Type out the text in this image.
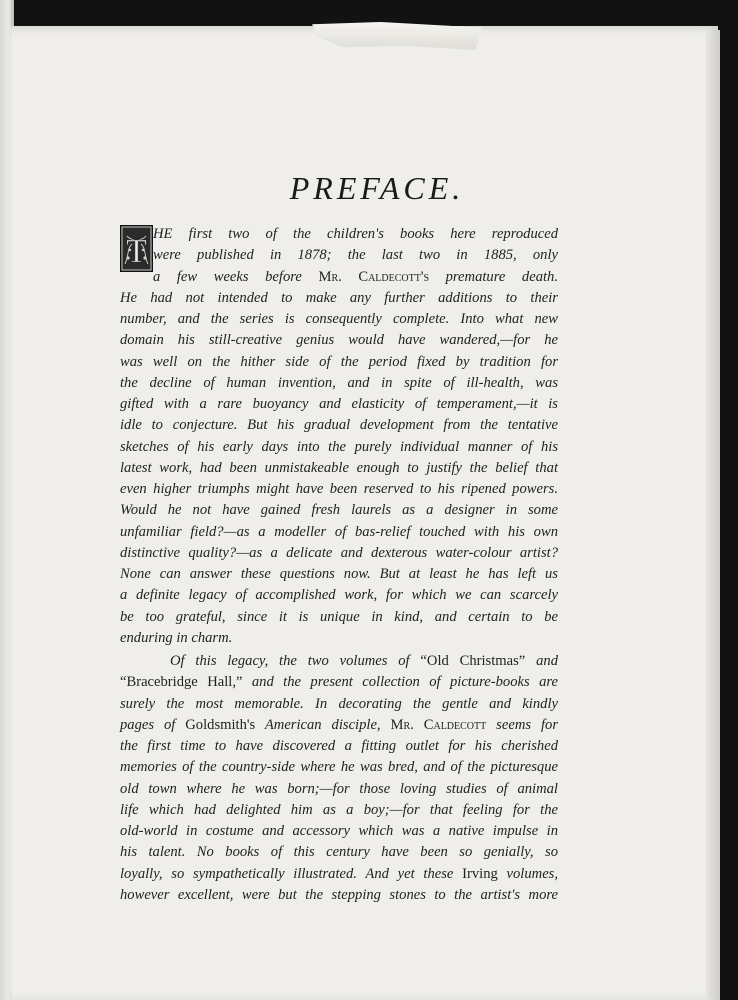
PREFACE.
T HE first two of the children's books here reproduced
were published in 1878; the last two in 1885, only
a few weeks before Mr. Caldecott's premature death.
He had not intended to make any further additions to their
number, and the series is consequently complete. Into what new
domain his still-creative genius would have wandered,—for he
was well on the hither side of the period fixed by tradition for
the decline of human invention, and in spite of ill-health, was
gifted with a rare buoyancy and elasticity of temperament,—it is
idle to conjecture. But his gradual development from the tentative
sketches of his early days into the purely individual manner of his
latest work, had been unmistakeable enough to justify the belief that
even higher triumphs might have been reserved to his ripened powers.
Would he not have gained fresh laurels as a designer in some
unfamiliar field?—as a modeller of bas-relief touched with his own
distinctive quality?—as a delicate and dexterous water-colour artist?
None can answer these questions now. But at least he has left us
a definite legacy of accomplished work, for which we can scarcely
be too grateful, since it is unique in kind, and certain to be
enduring in charm.
Of this legacy, the two volumes of “Old Christmas” and
“Bracebridge Hall,” and the present collection of picture-books are
surely the most memorable. In decorating the gentle and kindly
pages of Goldsmith's American disciple, Mr. Caldecott seems for
the first time to have discovered a fitting outlet for his cherished
memories of the country-side where he was bred, and of the picturesque
old town where he was born;—for those loving studies of animal
life which had delighted him as a boy;—for that feeling for the
old-world in costume and accessory which was a native impulse in
his talent. No books of this century have been so genially, so
loyally, so sympathetically illustrated. And yet these Irving volumes,
however excellent, were but the stepping stones to the artist's more
